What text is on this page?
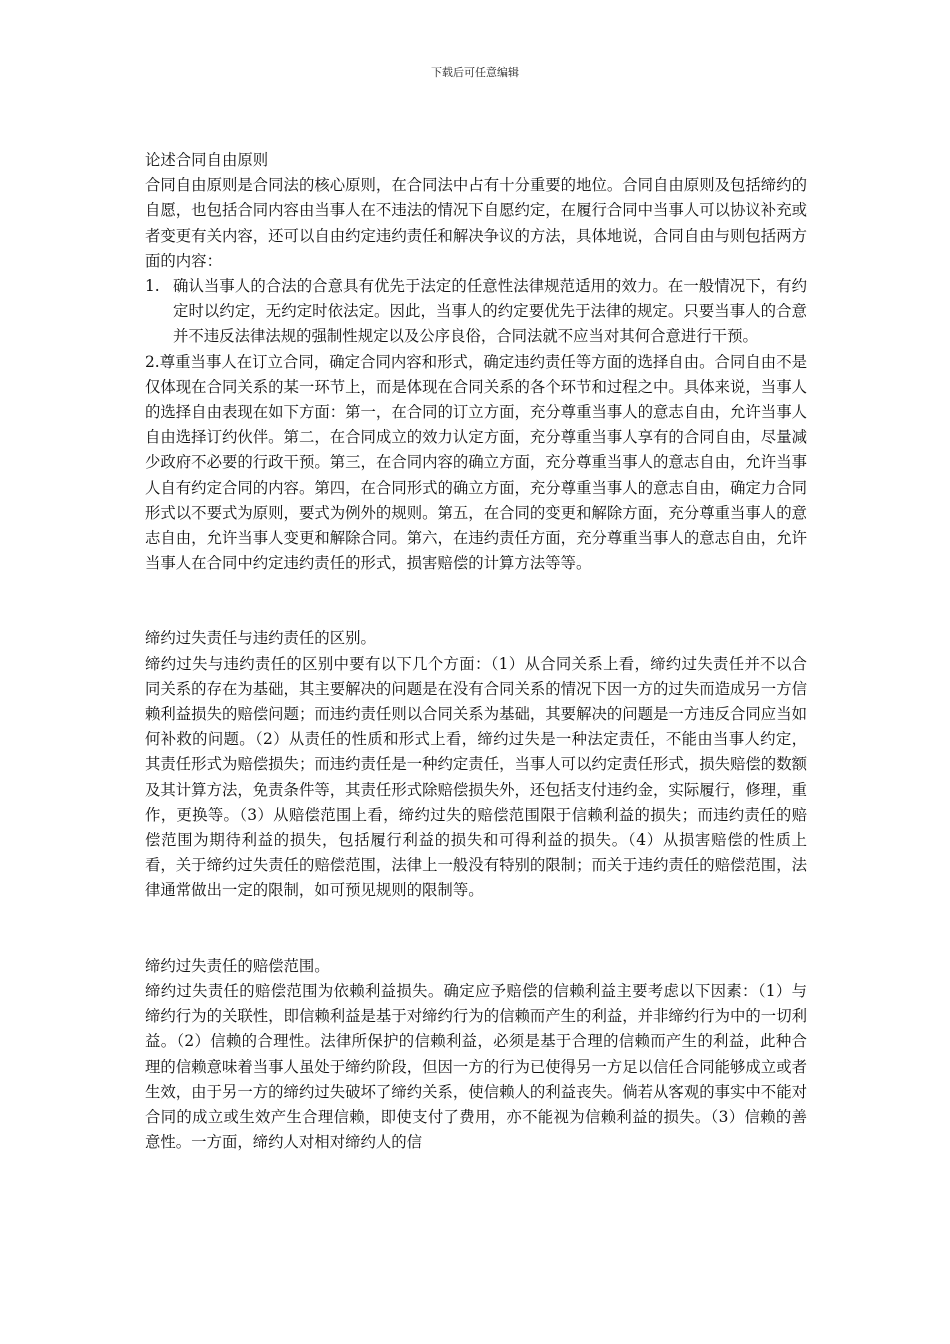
下载后可任意编辑

论述合同自由原则

合同自由原则是合同法的核心原则，在合同法中占有十分重要的地位。合同自由原则及包括缔约的自愿，也包括合同内容由当事人在不违法的情况下自愿约定，在履行合同中当事人可以协议补充或者变更有关内容，还可以自由约定违约责任和解决争议的方法，具体地说，合同自由与则包括两方面的内容：

1. 确认当事人的合法的合意具有优先于法定的任意性法律规范适用的效力。在一般情况下，有约定时以约定，无约定时依法定。因此，当事人的约定要优先于法律的规定。只要当事人的合意并不违反法律法规的强制性规定以及公序良俗，合同法就不应当对其何合意进行干预。

2.尊重当事人在订立合同，确定合同内容和形式，确定违约责任等方面的选择自由。合同自由不是仅体现在合同关系的某一环节上，而是体现在合同关系的各个环节和过程之中。具体来说，当事人的选择自由表现在如下方面：第一，在合同的订立方面，充分尊重当事人的意志自由，允许当事人自由选择订约伙伴。第二，在合同成立的效力认定方面，充分尊重当事人享有的合同自由，尽量减少政府不必要的行政干预。第三，在合同内容的确立方面，充分尊重当事人的意志自由，允许当事人自有约定合同的内容。第四，在合同形式的确立方面，充分尊重当事人的意志自由，确定力合同形式以不要式为原则，要式为例外的规则。第五，在合同的变更和解除方面，充分尊重当事人的意志自由，允许当事人变更和解除合同。第六，在违约责任方面，充分尊重当事人的意志自由，允许当事人在合同中约定违约责任的形式，损害赔偿的计算方法等等。

缔约过失责任与违约责任的区别。

缔约过失与违约责任的区别中要有以下几个方面：（1）从合同关系上看，缔约过失责任并不以合同关系的存在为基础，其主要解决的问题是在没有合同关系的情况下因一方的过失而造成另一方信赖利益损失的赔偿问题；而违约责任则以合同关系为基础，其要解决的问题是一方违反合同应当如何补救的问题。（2）从责任的性质和形式上看，缔约过失是一种法定责任，不能由当事人约定，其责任形式为赔偿损失；而违约责任是一种约定责任，当事人可以约定责任形式，损失赔偿的数额及其计算方法，免责条件等，其责任形式除赔偿损失外，还包括支付违约金，实际履行，修理，重作，更换等。（3）从赔偿范围上看，缔约过失的赔偿范围限于信赖利益的损失；而违约责任的赔偿范围为期待利益的损失，包括履行利益的损失和可得利益的损失。（4）从损害赔偿的性质上看，关于缔约过失责任的赔偿范围，法律上一般没有特别的限制；而关于违约责任的赔偿范围，法律通常做出一定的限制，如可预见规则的限制等。

缔约过失责任的赔偿范围。

缔约过失责任的赔偿范围为依赖利益损失。确定应予赔偿的信赖利益主要考虑以下因素：（1）与缔约行为的关联性，即信赖利益是基于对缔约行为的信赖而产生的利益，并非缔约行为中的一切利益。（2）信赖的合理性。法律所保护的信赖利益，必须是基于合理的信赖而产生的利益，此种合理的信赖意味着当事人虽处于缔约阶段，但因一方的行为已使得另一方足以信任合同能够成立或者生效，由于另一方的缔约过失破坏了缔约关系，使信赖人的利益丧失。倘若从客观的事实中不能对合同的成立或生效产生合理信赖，即使支付了费用，亦不能视为信赖利益的损失。（3）信赖的善意性。一方面，缔约人对相对缔约人的信
